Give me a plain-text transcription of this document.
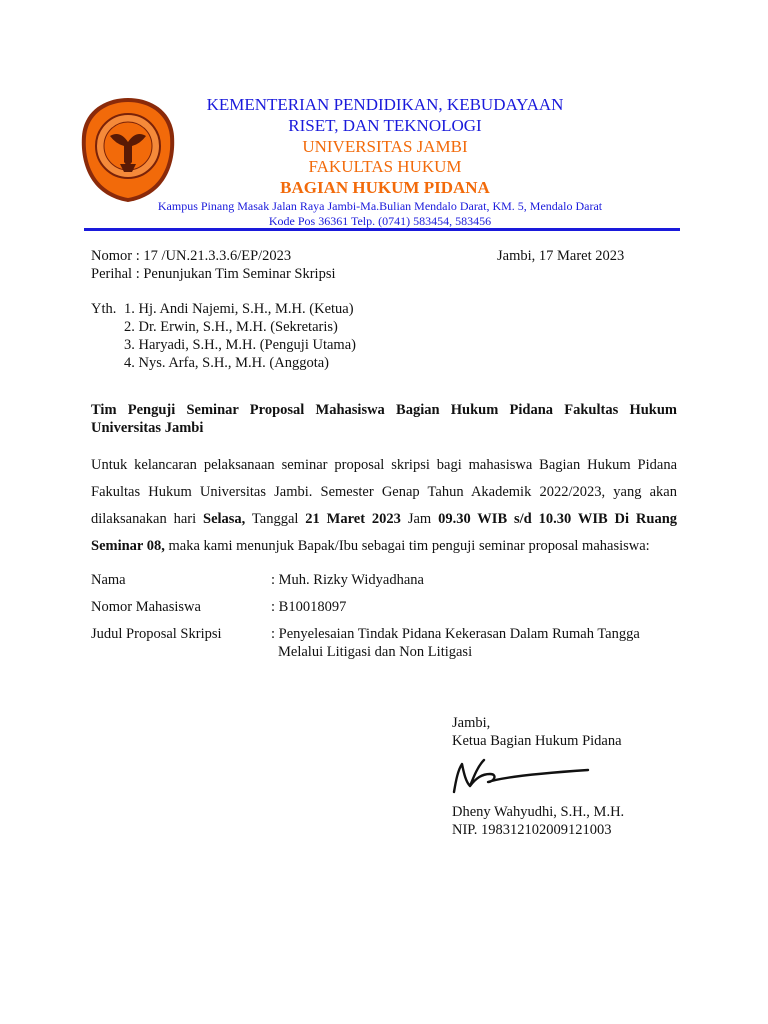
KEMENTERIAN PENDIDIKAN, KEBUDAYAAN
RISET, DAN TEKNOLOGI
UNIVERSITAS JAMBI
FAKULTAS HUKUM
BAGIAN HUKUM PIDANA
Kampus Pinang Masak Jalan Raya Jambi-Ma.Bulian Mendalo Darat, KM. 5, Mendalo Darat
Kode Pos 36361 Telp. (0741) 583454, 583456
Nomor : 17 /UN.21.3.3.6/EP/2023
Perihal : Penunjukan Tim Seminar Skripsi
Jambi, 17 Maret 2023
Yth. 1. Hj. Andi Najemi, S.H., M.H. (Ketua)
2. Dr. Erwin, S.H., M.H. (Sekretaris)
3. Haryadi, S.H., M.H. (Penguji Utama)
4. Nys. Arfa, S.H., M.H. (Anggota)
Tim Penguji Seminar Proposal Mahasiswa Bagian Hukum Pidana Fakultas Hukum Universitas Jambi
Untuk kelancaran pelaksanaan seminar proposal skripsi bagi mahasiswa Bagian Hukum Pidana Fakultas Hukum Universitas Jambi. Semester Genap Tahun Akademik 2022/2023, yang akan dilaksanakan hari Selasa, Tanggal 21 Maret 2023 Jam 09.30 WIB s/d 10.30 WIB Di Ruang Seminar 08, maka kami menunjuk Bapak/Ibu sebagai tim penguji seminar proposal mahasiswa:
Nama	: Muh. Rizky Widyadhana
Nomor Mahasiswa	: B10018097
Judul Proposal Skripsi	: Penyelesaian Tindak Pidana Kekerasan Dalam Rumah Tangga
Melalui Litigasi dan Non Litigasi
Jambi,
Ketua Bagian Hukum Pidana
Dheny Wahyudhi, S.H., M.H.
NIP. 198312102009121003
